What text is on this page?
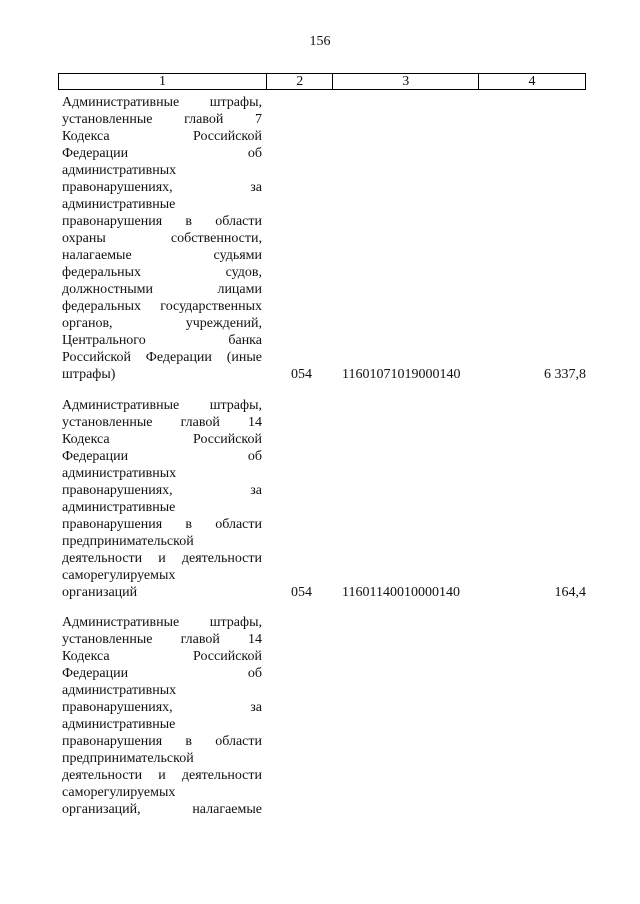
156
1	2	3	4
Административные штрафы,
установленные главой 7
Кодекса Российской
Федерации об
административных
правонарушениях, за
административные
правонарушения в области
охраны собственности,
налагаемые судьями
федеральных судов,
должностными лицами
федеральных государственных
органов, учреждений,
Центрального банка
Российской Федерации (иные
штрафы)	054 11601071019000140	6 337,8
Административные штрафы,
установленные главой 14
Кодекса Российской
Федерации об
административных
правонарушениях, за
административные
правонарушения в области
предпринимательской
деятельности и деятельности
саморегулируемых
организаций	054 11601140010000140	164,4
Административные штрафы,
установленные главой 14
Кодекса Российской
Федерации об
административных
правонарушениях, за
административные
правонарушения в области
предпринимательской
деятельности и деятельности
саморегулируемых
организаций, налагаемые
